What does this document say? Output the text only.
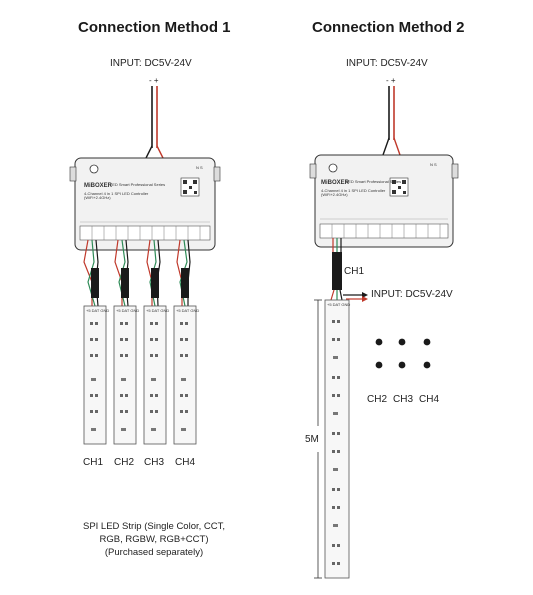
Connection Method 1
INPUT: DC5V-24V
- +
Connection Method 2
INPUT: DC5V-24V
- +
MiBOXER
LED Smart Professional Series
4-Channel 4 in 1 SPI LED Controller (WiFi+2.4GHz)
N S
MiBOXER
LED Smart Professional Series
4-Channel 4 in 1 SPI LED Controller (WiFi+2.4GHz)
N S
+5 DAT GND +5 DAT GND +5 DAT GND +5 DAT GND
+5 DAT GND
CH1 CH2 CH3 CH4
SPI LED Strip (Single Color, CCT,
RGB, RGBW, RGB+CCT)
(Purchased separately)
CH1
INPUT: DC5V-24V
5M
CH2 CH3 CH4
